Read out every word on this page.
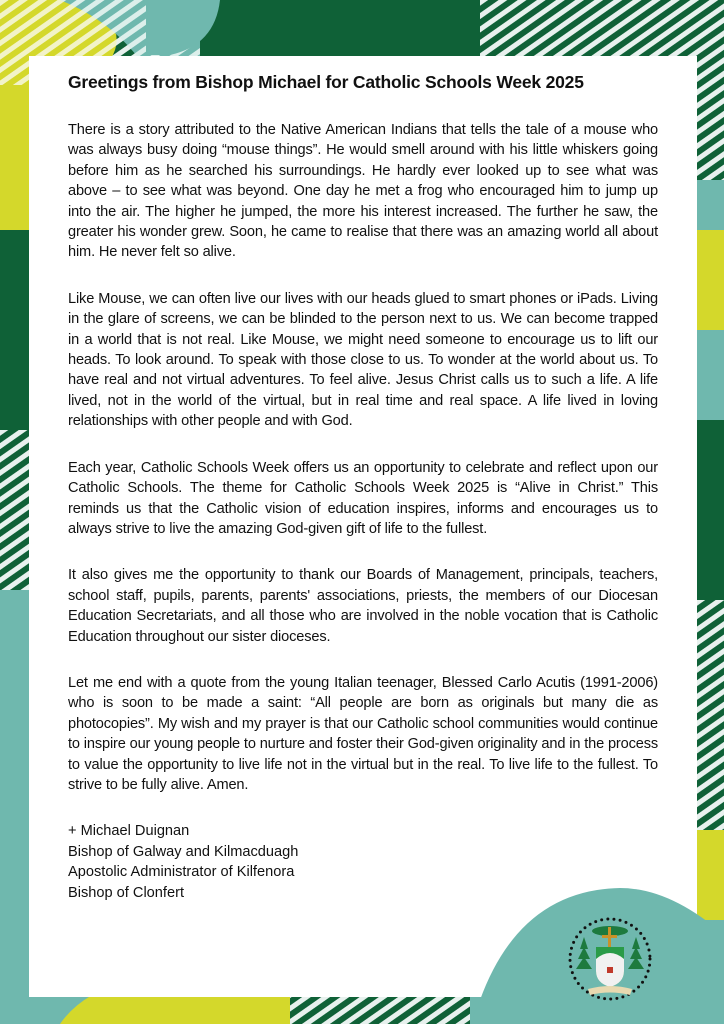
Greetings from Bishop Michael for Catholic Schools Week 2025

There is a story attributed to the Native American Indians that tells the tale of a mouse who was always busy doing “mouse things”. He would smell around with his little whiskers going before him as he searched his surroundings. He hardly ever looked up to see what was above – to see what was beyond. One day he met a frog who encouraged him to jump up into the air. The higher he jumped, the more his interest increased. The further he saw, the greater his wonder grew. Soon, he came to realise that there was an amazing world all about him. He never felt so alive.

Like Mouse, we can often live our lives with our heads glued to smart phones or iPads. Living in the glare of screens, we can be blinded to the person next to us. We can become trapped in a world that is not real. Like Mouse, we might need someone to encourage us to lift our heads. To look around. To speak with those close to us. To wonder at the world about us. To have real and not virtual adventures. To feel alive. Jesus Christ calls us to such a life. A life lived, not in the world of the virtual, but in real time and real space. A life lived in loving relationships with other people and with God.

Each year, Catholic Schools Week offers us an opportunity to celebrate and reflect upon our Catholic Schools. The theme for Catholic Schools Week 2025 is “Alive in Christ.” This reminds us that the Catholic vision of education inspires, informs and encourages us to always strive to live the amazing God-given gift of life to the fullest.

It also gives me the opportunity to thank our Boards of Management, principals, teachers, school staff, pupils, parents, parents' associations, priests, the members of our Diocesan Education Secretariats, and all those who are involved in the noble vocation that is Catholic Education throughout our sister dioceses.

Let me end with a quote from the young Italian teenager, Blessed Carlo Acutis (1991-2006) who is soon to be made a saint: “All people are born as originals but many die as photocopies”. My wish and my prayer is that our Catholic school communities would continue to inspire our young people to nurture and foster their God-given originality and in the process to value the opportunity to live life not in the virtual but in the real. To live life to the fullest. To strive to be fully alive. Amen.

+ Michael Duignan
Bishop of Galway and Kilmacduagh
Apostolic Administrator of Kilfenora
Bishop of Clonfert
